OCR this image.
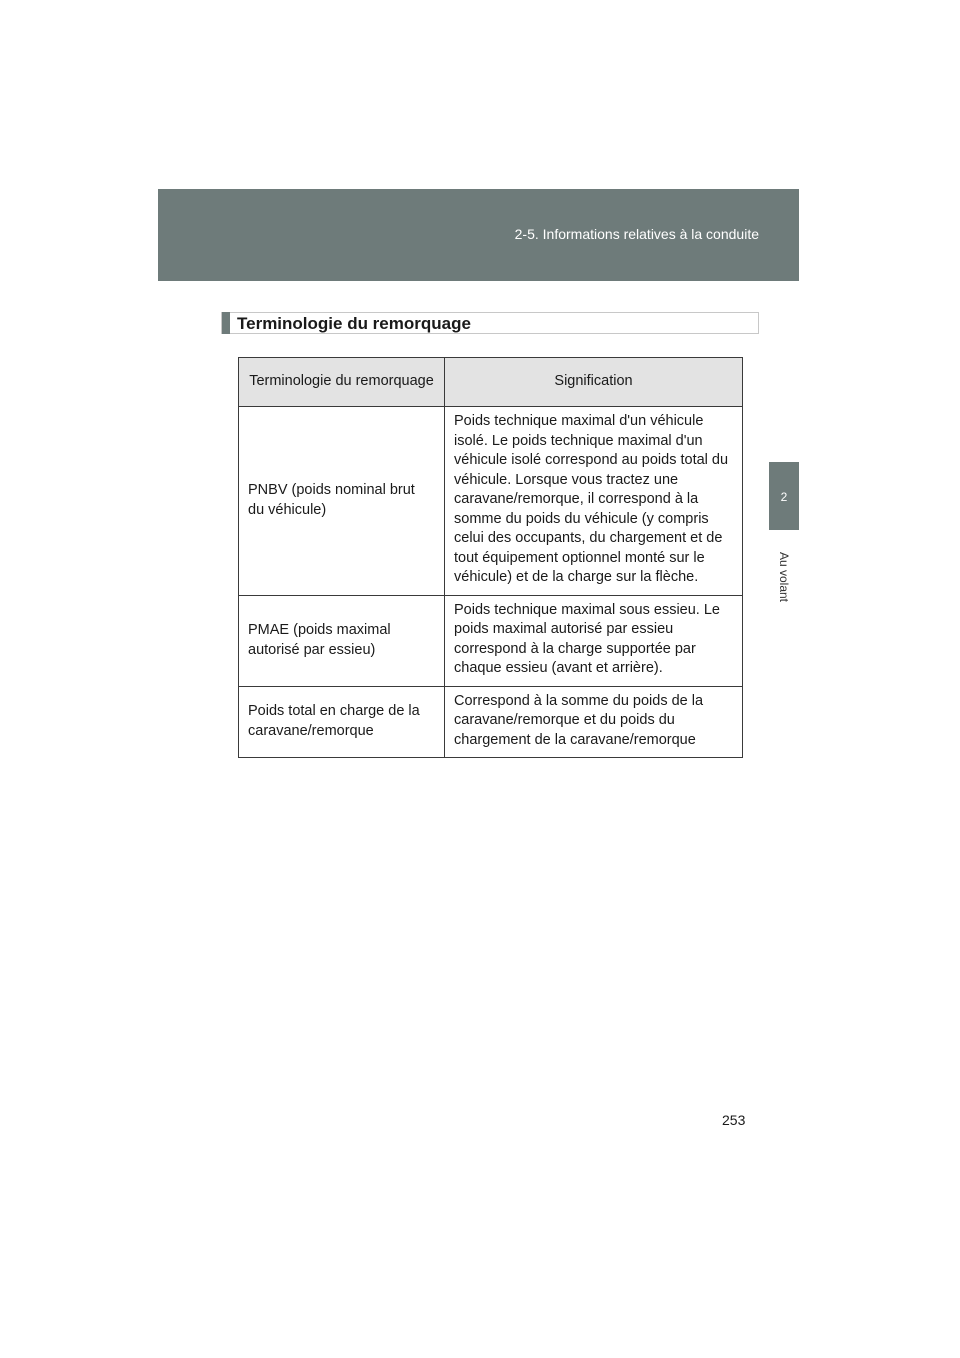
2-5. Informations relatives à la conduite
2
Au volant
Terminologie du remorquage
Terminologie du remorquage	Signification
PNBV (poids nominal brut du véhicule)	Poids technique maximal d'un véhicule isolé. Le poids technique maximal d'un véhicule isolé correspond au poids total du véhicule. Lorsque vous tractez une caravane/remorque, il correspond à la somme du poids du véhicule (y compris celui des occupants, du chargement et de tout équipement optionnel monté sur le véhicule) et de la charge sur la flèche.
PMAE (poids maximal autorisé par essieu)	Poids technique maximal sous essieu. Le poids maximal autorisé par essieu correspond à la charge supportée par chaque essieu (avant et arrière).
Poids total en charge de la caravane/remorque	Correspond à la somme du poids de la caravane/remorque et du poids du chargement de la caravane/remorque
253
